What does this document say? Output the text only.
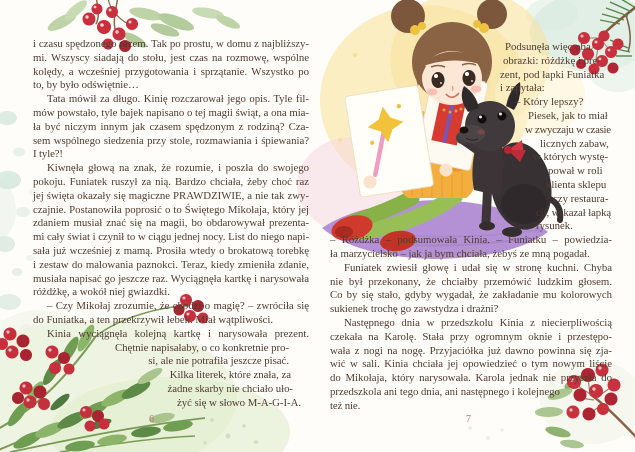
i czasu spędzonego razem. Tak po prostu, w domu z najbliższy-
mi. Wszyscy siadają do stołu, jest czas na rozmowę, wspólne
kolędy, a wcześniej przygotowania i sprzątanie. Wszystko po
to, by było odświętnie…
Tata mówił za długo. Kinię rozczarował jego opis. Tyle fil-
mów powstało, tyle bajek napisano o tej magii świąt, a ona mia-
ła być niczym innym jak czasem spędzonym z rodziną? Cza-
sem wspólnego siedzenia przy stole, rozmawiania i śpiewania?
I tyle?!
Kiwnęła głową na znak, że rozumie, i poszła do swojego
pokoju. Funiatek ruszył za nią. Bardzo chciała, żeby choć raz
jej święta okazały się magiczne PRAWDZIWIE, a nie tak zwy-
czajnie. Postanowiła poprosić o to Świętego Mikołaja, który jej
zdaniem musiał znać się na magii, bo obdarowywał prezenta-
mi cały świat i czynił to w ciągu jednej nocy. List do niego napi-
sała już wcześniej z mamą. Prosiła wtedy o brokatową torebkę
i zestaw do malowania paznokci. Teraz, kiedy zmieniła zdanie,
musiała napisać go jeszcze raz. Wyciągnęła kartkę i narysowała
różdżkę, a wokół niej gwiazdki.
– Czy Mikołaj zrozumie, że chodzi o magię? – zwróciła się
do Funiatka, a ten przekrzywił łebek. Miał wątpliwości.
Kinia wyciągnęła kolejną kartkę i narysowała prezent.
Chętnie napisałaby, o co konkretnie pro-
si, ale nie potrafiła jeszcze pisać.
Kilka literek, które znała, za
żadne skarby nie chciało uło-
żyć się w słowo M-A-G-I-A.
Podsunęła więc oba
obrazki: różdżkę i pre-
zent, pod łapki Funiatka
i zapytała:
– Który lepszy?
Piesek, jak to miał
w zwyczaju w czasie
licznych zabaw,
w których wystę-
pował w roli
klienta sklepu
czy restaura-
cji, wskazał łapką
rysunek.
– Różdżka – podsumowała Kinia. – Funiatku – powiedzia-
ła marzycielsko – jak ja bym chciała, żebyś ze mną pogadał.
Funiatek zwiesił głowę i udał się w stronę kuchni. Chyba
nie był przekonany, że chciałby przemówić ludzkim głosem.
Co by się stało, gdyby wygadał, że zakładanie mu kolorowych
sukienek trochę go zawstydza i drażni?
Następnego dnia w przedszkolu Kinia z niecierpliwością
czekała na Karolę. Stała przy ogromnym oknie i przestępo-
wała z nogi na nogę. Przyjaciółka już dawno powinna się zja-
wić w sali. Kinia chciała jej opowiedzieć o tym nowym liście
do Mikołaja, który narysowała. Karola jednak nie przyszła do
przedszkola ani tego dnia, ani następnego i kolejnego
też nie.
6	7
